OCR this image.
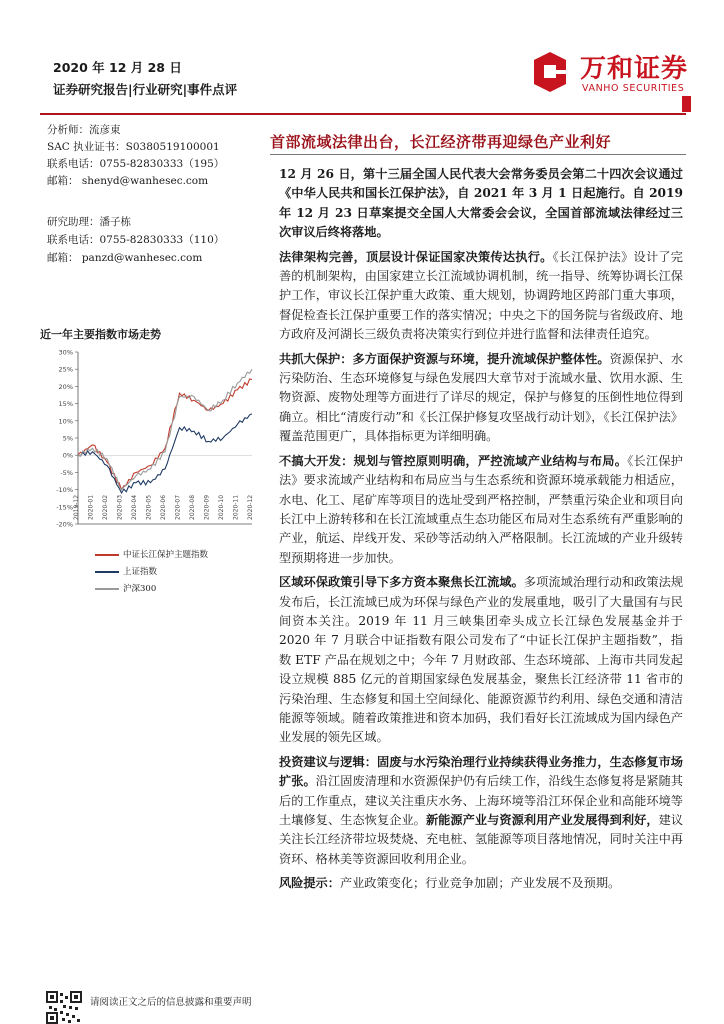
2020 年 12 月 28 日
证券研究报告|行业研究|事件点评
万和证券
VANHO SECURITIES
分析师：流彦東
SAC 执业证书：S0380519100001
联系电话：0755-82830333（195）
邮箱： shenyd@wanhesec.com
研究助理：潘子栋
联系电话：0755-82830333（110）
邮箱： panzd@wanhesec.com
近一年主要指数市场走势
30%
25%
20%
15%
10%
5%
0%
-5%
-10%
-15%
-20%
2019-12 2020-01 2020-02 2020-03 2020-04 2020-05 2020-06 2020-07 2020-08 2020-09 2020-10 2020-11 2020-12
中证长江保护主题指数
上证指数
沪深300
首部流域法律出台，长江经济带再迎绿色产业利好

12 月 26 日，第十三届全国人民代表大会常务委员会第二十四次会议通过《中华人民共和国长江保护法》，自 2021 年 3 月 1 日起施行。自 2019 年 12 月 23 日草案提交全国人大常委会会议，全国首部流域法律经过三次审议后终将落地。

法律架构完善，顶层设计保证国家决策传达执行。《长江保护法》设计了完善的机制架构，由国家建立长江流域协调机制，统一指导、统筹协调长江保护工作，审议长江保护重大政策、重大规划，协调跨地区跨部门重大事项，督促检查长江保护重要工作的落实情况；中央之下的国务院与省级政府、地方政府及河湖长三级负责将决策实行到位并进行监督和法律责任追究。

共抓大保护：多方面保护资源与环境，提升流域保护整体性。资源保护、水污染防治、生态环境修复与绿色发展四大章节对于流域水量、饮用水源、生物资源、废物处理等方面进行了详尽的规定，保护与修复的压倒性地位得到确立。相比“清废行动”和《长江保护修复攻坚战行动计划》，《长江保护法》覆盖范围更广，具体指标更为详细明确。

不搞大开发：规划与管控原则明确，严控流域产业结构与布局。《长江保护法》要求流域产业结构和布局应当与生态系统和资源环境承载能力相适应，水电、化工、尾矿库等项目的选址受到严格控制，严禁重污染企业和项目向长江中上游转移和在长江流域重点生态功能区布局对生态系统有严重影响的产业，航运、岸线开发、采砂等活动纳入严格限制。长江流域的产业升级转型预期将进一步加快。

区域环保政策引导下多方资本聚焦长江流域。多项流域治理行动和政策法规发布后，长江流域已成为环保与绿色产业的发展重地，吸引了大量国有与民间资本关注。2019 年 11 月三峡集团牵头成立长江绿色发展基金并于 2020 年 7 月联合中证指数有限公司发布了“中证长江保护主题指数”，指数 ETF 产品在规划之中；今年 7 月财政部、生态环境部、上海市共同发起设立规模 885 亿元的首期国家绿色发展基金，聚焦长江经济带 11 省市的污染治理、生态修复和国土空间绿化、能源资源节约利用、绿色交通和清洁能源等领域。随着政策推进和资本加码，我们看好长江流域成为国内绿色产业发展的领先区域。

投资建议与逻辑：固废与水污染治理行业持续获得业务推力，生态修复市场扩张。沿江固废清理和水资源保护仍有后续工作，沿线生态修复将是紧随其后的工作重点，建议关注重庆水务、上海环境等沿江环保企业和高能环境等土壤修复、生态恢复企业。新能源产业与资源利用产业发展得到利好，建议关注长江经济带垃圾焚烧、充电桩、氢能源等项目落地情况，同时关注中再资环、格林美等资源回收利用企业。

风险提示：产业政策变化；行业竞争加剧；产业发展不及预期。

请阅读正文之后的信息披露和重要声明
